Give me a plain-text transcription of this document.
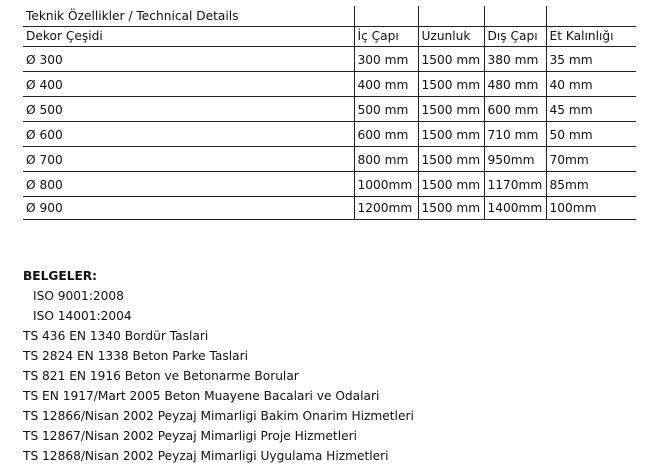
Teknik Özellikler / Technical Details				
Dekor Çeşidi	İç Çapı	Uzunluk	Dış Çapı	Et Kalınlığı
Ø 300	300 mm	1500 mm	380 mm	35 mm
Ø 400	400 mm	1500 mm	480 mm	40 mm
Ø 500	500 mm	1500 mm	600 mm	45 mm
Ø 600	600 mm	1500 mm	710 mm	50 mm
Ø 700	800 mm	1500 mm	950mm	70mm
Ø 800	1000mm	1500 mm	1170mm	85mm
Ø 900	1200mm	1500 mm	1400mm	100mm
BELGELER:
ISO 9001:2008
ISO 14001:2004
TS 436 EN 1340 Bordür Taslari
TS 2824 EN 1338 Beton Parke Taslari
TS 821 EN 1916 Beton ve Betonarme Borular
TS EN 1917/Mart 2005 Beton Muayene Bacalari ve Odalari
TS 12866/Nisan 2002 Peyzaj Mimarligi Bakim Onarim Hizmetleri
TS 12867/Nisan 2002 Peyzaj Mimarligi Proje Hizmetleri
TS 12868/Nisan 2002 Peyzaj Mimarligi Uygulama Hizmetleri
